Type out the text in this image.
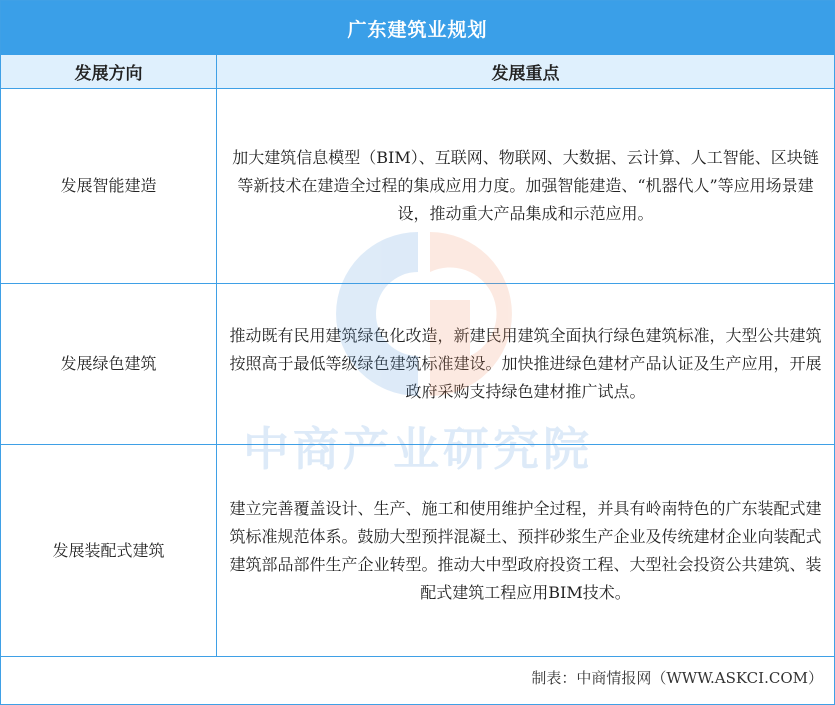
广东建筑业规划
发展方向	发展重点
发展智能建造
加大建筑信息模型（BIM）、互联网、物联网、大数据、云计算、人工智能、区块链等新技术在建造全过程的集成应用力度。加强智能建造、“机器代人”等应用场景建设，推动重大产品集成和示范应用。
发展绿色建筑
推动既有民用建筑绿色化改造，新建民用建筑全面执行绿色建筑标准，大型公共建筑按照高于最低等级绿色建筑标准建设。加快推进绿色建材产品认证及生产应用，开展政府采购支持绿色建材推广试点。
发展装配式建筑
建立完善覆盖设计、生产、施工和使用维护全过程，并具有岭南特色的广东装配式建筑标准规范体系。鼓励大型预拌混凝土、预拌砂浆生产企业及传统建材企业向装配式建筑部品部件生产企业转型。推动大中型政府投资工程、大型社会投资公共建筑、装配式建筑工程应用BIM技术。
制表：中商情报网（WWW.ASKCI.COM）
中商产业研究院
